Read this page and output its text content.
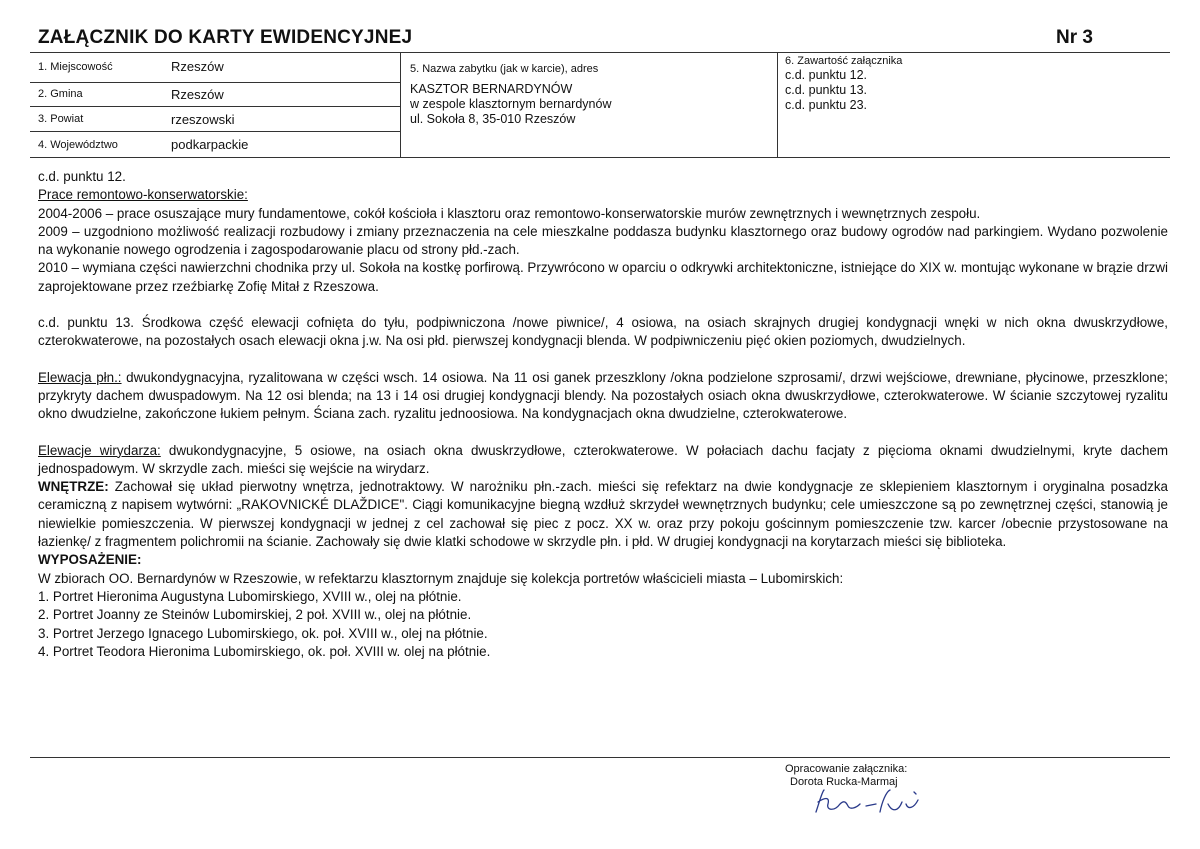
ZAŁĄCZNIK DO KARTY EWIDENCYJNEJ	Nr 3
1. Miejscowość	Rzeszów
2. Gmina	Rzeszów
3. Powiat	rzeszowski
4. Województwo	podkarpackie
5. Nazwa zabytku (jak w karcie), adres
KASZTOR BERNARDYNÓW
w zespole klasztornym bernardynów
ul. Sokoła 8, 35-010 Rzeszów
6. Zawartość załącznika
c.d. punktu 12.
c.d. punktu 13.
c.d. punktu 23.

c.d. punktu 12.

Prace remontowo-konserwatorskie:

2004-2006 – prace osuszające mury fundamentowe, cokół kościoła i klasztoru oraz remontowo-konserwatorskie murów zewnętrznych i wewnętrznych zespołu.

2009 – uzgodniono możliwość realizacji rozbudowy i zmiany przeznaczenia na cele mieszkalne poddasza budynku klasztornego oraz budowy ogrodów nad parkingiem. Wydano pozwolenie na wykonanie nowego ogrodzenia i zagospodarowanie placu od strony płd.-zach.

2010 – wymiana części nawierzchni chodnika przy ul. Sokoła na kostkę porfirową. Przywrócono w oparciu o odkrywki architektoniczne, istniejące do XIX w. montując wykonane w brązie drzwi zaprojektowane przez rzeźbiarkę Zofię Mitał z Rzeszowa.

c.d. punktu 13. Środkowa część elewacji cofnięta do tyłu, podpiwniczona /nowe piwnice/, 4 osiowa, na osiach skrajnych drugiej kondygnacji wnęki w nich okna dwuskrzydłowe, czterokwaterowe, na pozostałych osach elewacji okna j.w. Na osi płd. pierwszej kondygnacji blenda. W podpiwniczeniu pięć okien poziomych, dwudzielnych.

Elewacja płn.: dwukondygnacyjna, ryzalitowana w części wsch. 14 osiowa. Na 11 osi ganek przeszklony /okna podzielone szprosami/, drzwi wejściowe, drewniane, płycinowe, przeszklone; przykryty dachem dwuspadowym. Na 12 osi blenda; na 13 i 14 osi drugiej kondygnacji blendy. Na pozostałych osiach okna dwuskrzydłowe, czterokwaterowe. W ścianie szczytowej ryzalitu okno dwudzielne, zakończone łukiem pełnym. Ściana zach. ryzalitu jednoosiowa. Na kondygnacjach okna dwudzielne, czterokwaterowe.

Elewacje wirydarza: dwukondygnacyjne, 5 osiowe, na osiach okna dwuskrzydłowe, czterokwaterowe. W połaciach dachu facjaty z pięcioma oknami dwudzielnymi, kryte dachem jednospadowym. W skrzydle zach. mieści się wejście na wirydarz.

WNĘTRZE: Zachował się układ pierwotny wnętrza, jednotraktowy. W narożniku płn.-zach. mieści się refektarz na dwie kondygnacje ze sklepieniem klasztornym i oryginalna posadzka ceramiczną z napisem wytwórni: „RAKOVNICKÉ DLAŽDICE". Ciągi komunikacyjne biegną wzdłuż skrzydeł wewnętrznych budynku; cele umieszczone są po zewnętrznej części, stanowią je niewielkie pomieszczenia. W pierwszej kondygnacji w jednej z cel zachował się piec z pocz. XX w. oraz przy pokoju gościnnym pomieszczenie tzw. karcer /obecnie przystosowane na łazienkę/ z fragmentem polichromii na ścianie. Zachowały się dwie klatki schodowe w skrzydle płn. i płd. W drugiej kondygnacji na korytarzach mieści się biblioteka.

WYPOSAŻENIE:

W zbiorach OO. Bernardynów w Rzeszowie, w refektarzu klasztornym znajduje się kolekcja portretów właścicieli miasta – Lubomirskich:

1. Portret Hieronima Augustyna Lubomirskiego, XVIII w., olej na płótnie.

2. Portret Joanny ze Steinów Lubomirskiej, 2 poł. XVIII w., olej na płótnie.

3. Portret Jerzego Ignacego Lubomirskiego, ok. poł. XVIII w., olej na płótnie.

4. Portret Teodora Hieronima Lubomirskiego, ok. poł. XVIII w. olej na płótnie.

Opracowanie załącznika:
Dorota Rucka-Marmaj
